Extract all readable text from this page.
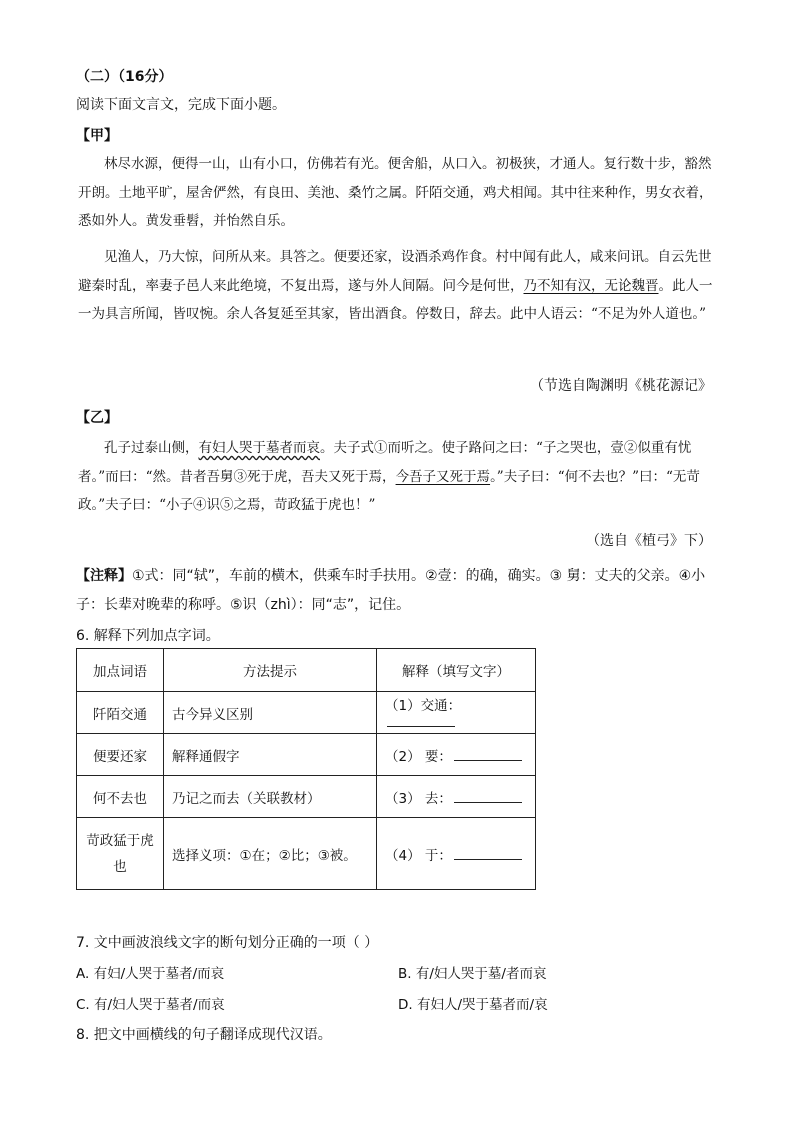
（二）（16分）
阅读下面文言文，完成下面小题。
【甲】
林尽水源，便得一山，山有小口，仿佛若有光。便舍船，从口入。初极狭，才通人。复行数十步，豁然开朗。土地平旷，屋舍俨然，有良田、美池、桑竹之属。阡陌交通，鸡犬相闻。其中往来种作，男女衣着，悉如外人。黄发垂髫，并怡然自乐。
见渔人，乃大惊，问所从来。具答之。便要还家，设酒杀鸡作食。村中闻有此人，咸来问讯。自云先世避秦时乱，率妻子邑人来此绝境，不复出焉，遂与外人间隔。问今是何世，乃不知有汉，无论魏晋。此人一一为具言所闻，皆叹惋。余人各复延至其家，皆出酒食。停数日，辞去。此中人语云：“不足为外人道也。”
（节选自陶渊明《桃花源记》
【乙】
孔子过泰山侧，有妇人哭于墓者而哀。夫子式①而听之。使子路问之曰：“子之哭也，壹②似重有忧者。”而曰：“然。昔者吾舅③死于虎，吾夫又死于焉，今吾子又死于焉。”夫子曰：“何不去也？”曰：“无苛政。”夫子曰：“小子④识⑤之焉，苛政猛于虎也！”
（选自《植弓》下）
【注释】①式：同“轼”，车前的横木，供乘车时手扶用。②壹：的确，确实。③ 舅：丈夫的父亲。④小
子：长辈对晚辈的称呼。⑤识（zhì）：同“志”，记住。
6. 解释下列加点字词。
加点词语	方法提示	解释（填写文字）
阡陌交通	古今异义区别	（1）交通：
便要还家	解释通假字	（2） 要：
何不去也	乃记之而去（关联教材）	（3） 去：
苛政猛于虎
也	选择义项：①在；②比；③被。	（4） 于：
7. 文中画波浪线文字的断句划分正确的一项（ ）
A. 有妇/人哭于墓者/而哀	B. 有/妇人哭于墓/者而哀
C. 有/妇人哭于墓者/而哀	D. 有妇人/哭于墓者而/哀
8. 把文中画横线的句子翻译成现代汉语。
